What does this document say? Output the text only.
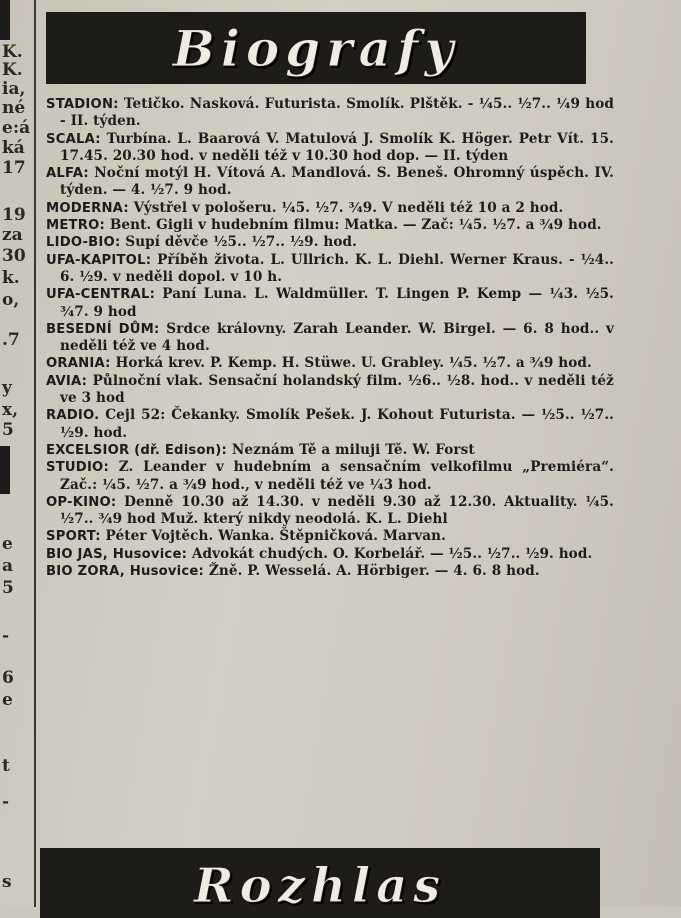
K.
K.
ia,
né
e:á
ká
17
19
za
30
k.
o,
.7
y
x,
5
e
a
5
-
6
e
t
-
s
Biografy

STADION: Tetičko. Nasková. Futurista. Smolík. Plštěk. - ¼5.. ½7.. ¼9 hod - II. týden.

SCALA: Turbína. L. Baarová V. Matulová J. Smolík K. Höger. Petr Vít. 15. 17.45. 20.30 hod. v neděli též v 10.30 hod dop. — II. týden

ALFA: Noční motýl H. Vítová A. Mandlová. S. Beneš. Ohromný úspěch. IV. týden. — 4. ½7. 9 hod.

MODERNA: Výstřel v pološeru. ¼5. ½7. ¾9. V neděli též 10 a 2 hod.

METRO: Bent. Gigli v hudebním filmu: Matka. — Zač: ¼5. ½7. a ¾9 hod.

LIDO-BIO: Supí děvče ½5.. ½7.. ½9. hod.

UFA-KAPITOL: Příběh života. L. Ullrich. K. L. Diehl. Werner Kraus. - ½4.. 6. ½9. v neděli dopol. v 10 h.

UFA-CENTRAL: Paní Luna. L. Waldmüller. T. Lingen P. Kemp — ¼3. ½5. ¾7. 9 hod

BESEDNÍ DŮM: Srdce královny. Zarah Leander. W. Birgel. — 6. 8 hod.. v neděli též ve 4 hod.

ORANIA: Horká krev. P. Kemp. H. Stüwe. U. Grabley. ¼5. ½7. a ¾9 hod.

AVIA: Půlnoční vlak. Sensační holandský film. ½6.. ½8. hod.. v neděli též ve 3 hod

RADIO. Cejl 52: Čekanky. Smolík Pešek. J. Kohout Futurista. — ½5.. ½7.. ½9. hod.

EXCELSIOR (dř. Edison): Neznám Tě a miluji Tě. W. Forst

STUDIO: Z. Leander v hudebním a sensačním velkofilmu „Premiéra“. Zač.: ¼5. ½7. a ¾9 hod., v neděli též ve ¼3 hod.

OP-KINO: Denně 10.30 až 14.30. v neděli 9.30 až 12.30. Aktuality. ¼5. ½7.. ¾9 hod Muž. který nikdy neodolá. K. L. Diehl

SPORT: Péter Vojtěch. Wanka. Štěpničková. Marvan.

BIO JAS, Husovice: Advokát chudých. O. Korbelář. — ½5.. ½7.. ½9. hod.

BIO ZORA, Husovice: Žně. P. Wesselá. A. Hörbiger. — 4. 6. 8 hod.

Rozhlas
